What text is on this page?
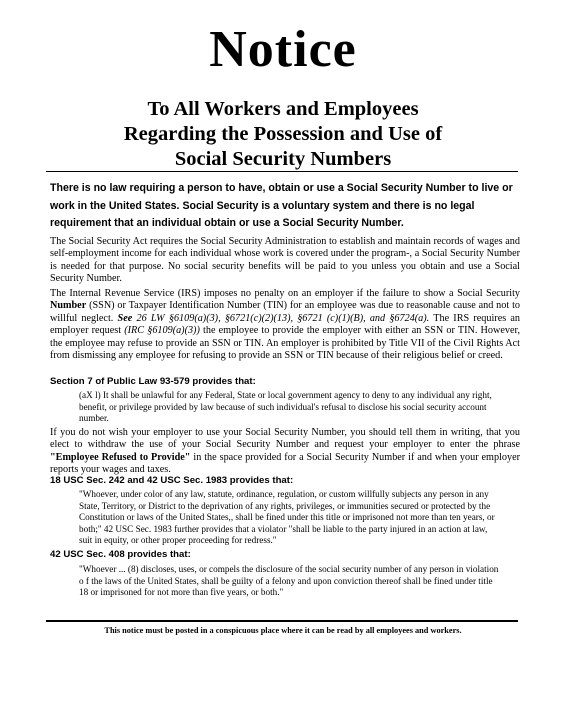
Notice
To All Workers and Employees
Regarding the Possession and Use of
Social Security Numbers
There is no law requiring a person to have, obtain or use a Social Security Number to live or work in the United States. Social Security is a voluntary system and there is no legal requirement that an individual obtain or use a Social Security Number.
The Social Security Act requires the Social Security Administration to establish and maintain records of wages and self-employment income for each individual whose work is covered under the program-, a Social Security Number is needed for that purpose. No social security benefits will be paid to you unless you obtain and use a Social Security Number.
The Internal Revenue Service (IRS) imposes no penalty on an employer if the failure to show a Social Security Number (SSN) or Taxpayer Identification Number (TIN) for an employee was due to reasonable cause and not to willful neglect. See 26 LW §6109(a)(3), §6721(c)(2)(13), §6721 (c)(1)(B), and §6724(a). The IRS requires an employer request (IRC §6109(a)(3)) the employee to provide the employer with either an SSN or TIN. However, the employee may refuse to provide an SSN or TIN. An employer is prohibited by Title VII of the Civil Rights Act from dismissing any employee for refusing to provide an SSN or TIN because of their religious belief or creed.
Section 7 of Public Law 93-579 provides that:
(aX l) It shall be unlawful for any Federal, State or local government agency to deny to any individual any right, benefit, or privilege provided by law because of such individual's refusal to disclose his social security account number.
If you do not wish your employer to use your Social Security Number, you should tell them in writing, that you elect to withdraw the use of your Social Security Number and request your employer to enter the phrase "Employee Refused to Provide" in the space provided for a Social Security Number if and when your employer reports your wages and taxes.
18 USC Sec. 242 and 42 USC Sec. 1983 provides that:
"Whoever, under color of any law, statute, ordinance, regulation, or custom willfully subjects any person in any State, Territory, or District to the deprivation of any rights, privileges, or immunities secured or protected by the Constitution or laws of the United States,, shall be fined under this title or imprisoned not more than ten years, or both;" 42 USC Sec. 1983 further provides that a violator "shall be liable to the party injured in an action at law, suit in equity, or other proper proceeding for redress."
42 USC Sec. 408 provides that:
"Whoever ... (8) discloses, uses, or compels the disclosure of the social security number of any person in violation o f the laws of the United States, shall be guilty of a felony and upon conviction thereof shall be fined under title 18 or imprisoned for not more than five years, or both."
This notice must be posted in a conspicuous place where it can be read by all employees and workers.
